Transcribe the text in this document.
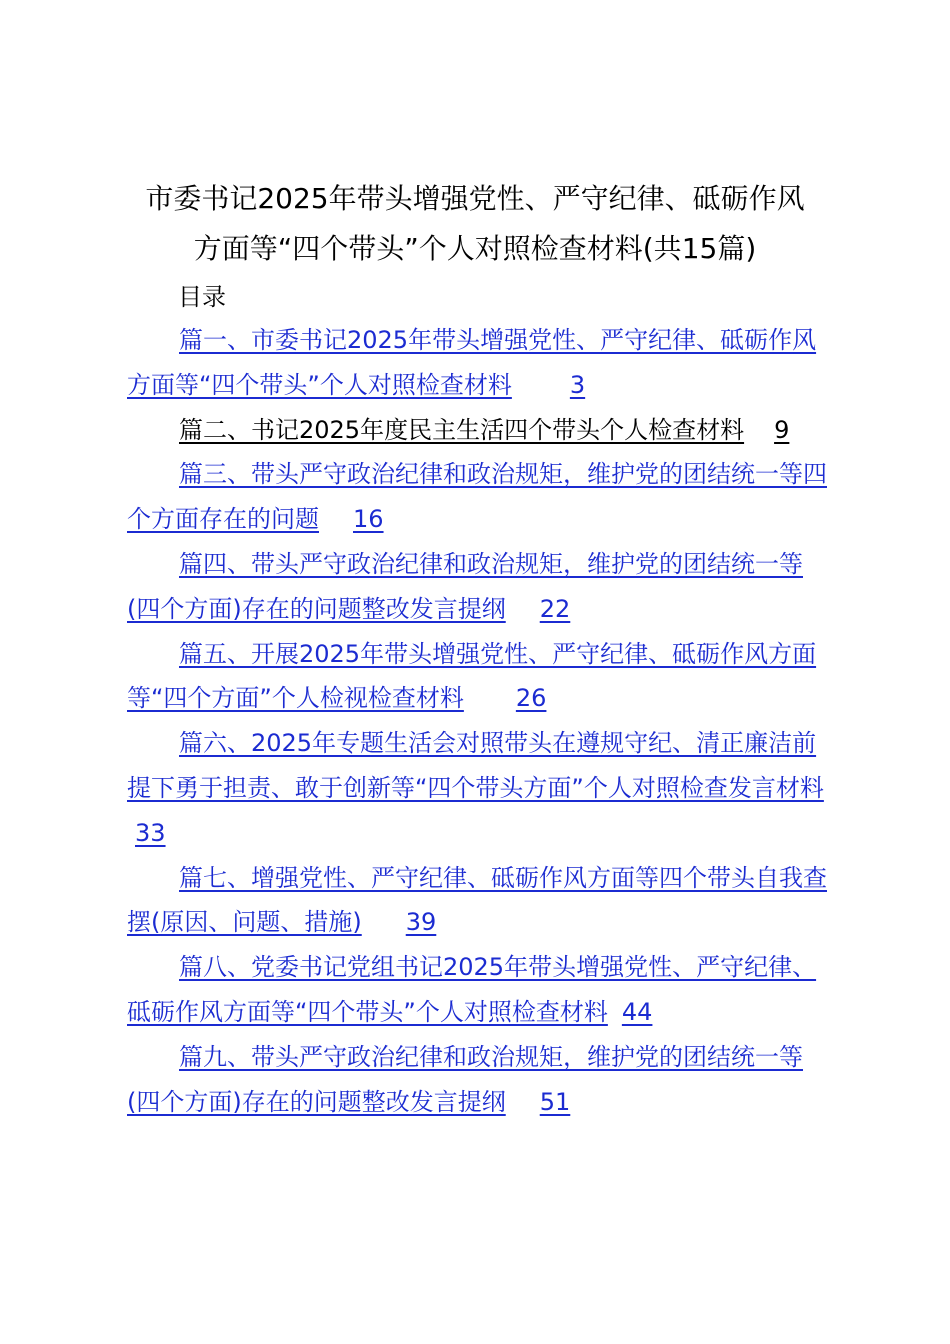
市委书记2025年带头增强党性、严守纪律、砥砺作风
方面等“四个带头”个人对照检查材料(共15篇)
目录
篇一、市委书记2025年带头增强党性、严守纪律、砥砺作风方面等“四个带头”个人对照检查材料 3
篇二、书记2025年度民主生活四个带头个人检查材料 9
篇三、带头严守政治纪律和政治规矩，维护党的团结统一等四个方面存在的问题 16
篇四、带头严守政治纪律和政治规矩，维护党的团结统一等(四个方面)存在的问题整改发言提纲 22
篇五、开展2025年带头增强党性、严守纪律、砥砺作风方面等“四个方面”个人检视检查材料 26
篇六、2025年专题生活会对照带头在遵规守纪、清正廉洁前提下勇于担责、敢于创新等“四个带头方面”个人对照检查发言材料33
篇七、增强党性、严守纪律、砥砺作风方面等四个带头自我查摆(原因、问题、措施) 39
篇八、党委书记党组书记2025年带头增强党性、严守纪律、砥砺作风方面等“四个带头”个人对照检查材料 44
篇九、带头严守政治纪律和政治规矩，维护党的团结统一等(四个方面)存在的问题整改发言提纲 51
